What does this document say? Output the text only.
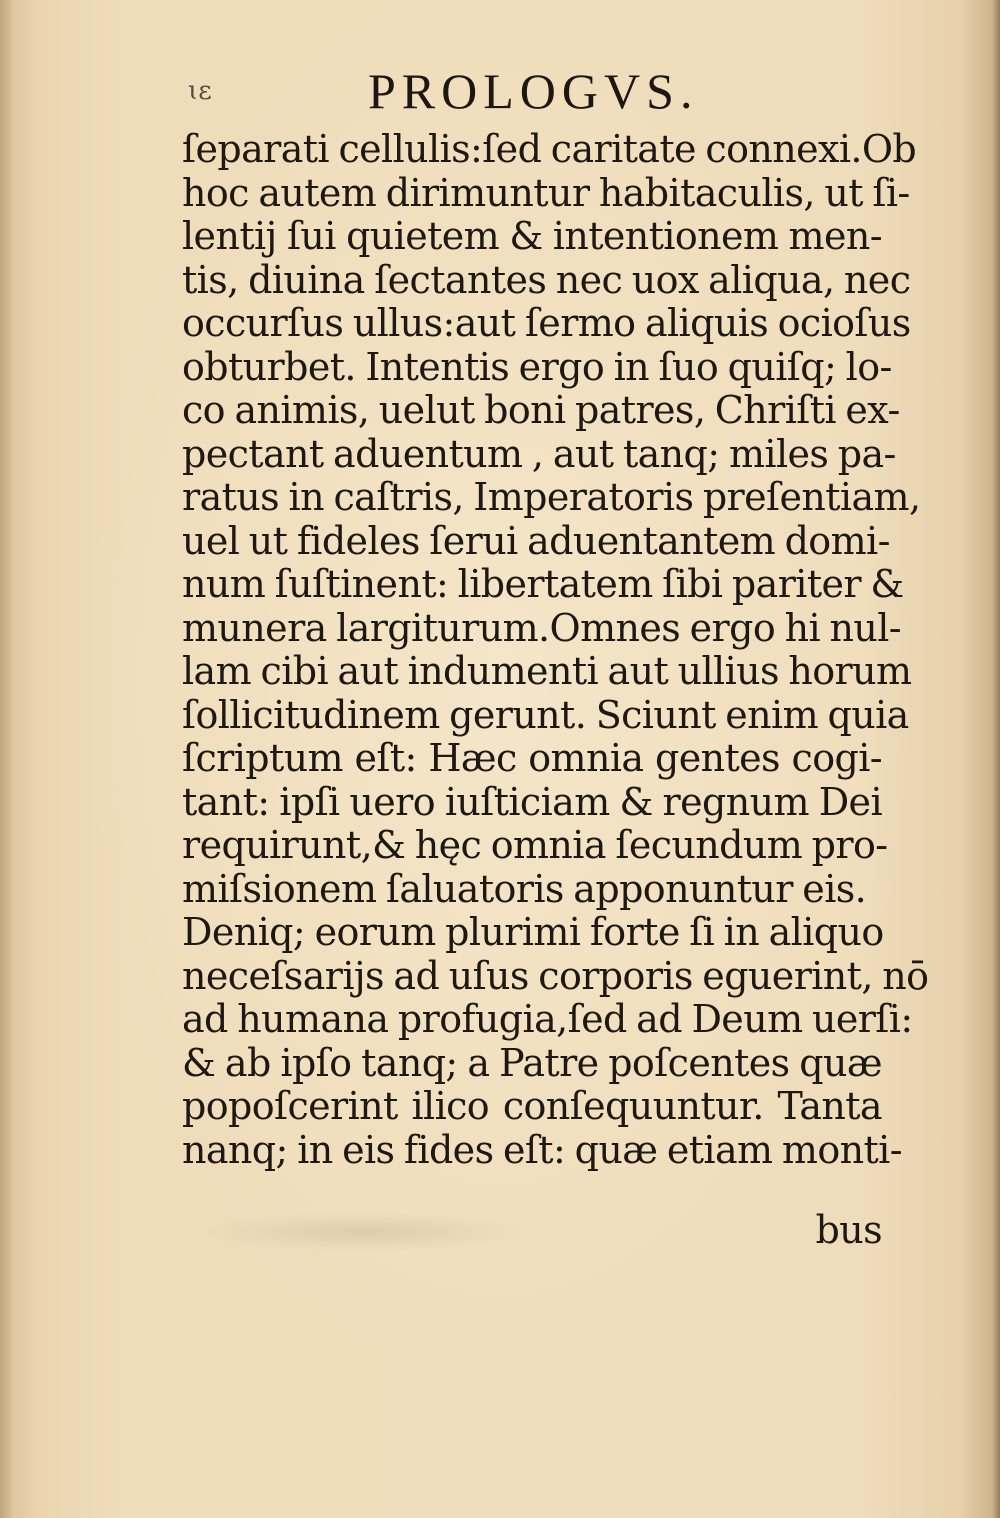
ɩɛ	PROLOGVS.
ſeparati cellulis:ſed caritate connexi.Ob
hoc autem dirimuntur habitaculis, ut ſi-
lentij ſui quietem & intentionem men-
tis, diuina ſectantes nec uox aliqua, nec
occurſus ullus:aut ſermo aliquis ocioſus
obturbet. Intentis ergo in ſuo quiſq; lo-
co animis, uelut boni patres, Chriſti ex-
pectant aduentum , aut tanq; miles pa-
ratus in caſtris, Imperatoris preſentiam,
uel ut fideles ſerui aduentantem domi-
num ſuſtinent: libertatem ſibi pariter &
munera largiturum.Omnes ergo hi nul-
lam cibi aut indumenti aut ullius horum
ſollicitudinem gerunt. Sciunt enim quia
ſcriptum eſt: Hæc omnia gentes cogi-
tant: ipſi uero iuſticiam & regnum Dei
requirunt,& hęc omnia ſecundum pro-
miſsionem ſaluatoris apponuntur eis.
Deniq; eorum plurimi forte ſi in aliquo
neceſsarijs ad uſus corporis eguerint, nō
ad humana profugia,ſed ad Deum uerſi:
& ab ipſo tanq; a Patre poſcentes quæ
popoſcerint ilico conſequuntur. Tanta
nanq; in eis fides eſt: quæ etiam monti-
bus
